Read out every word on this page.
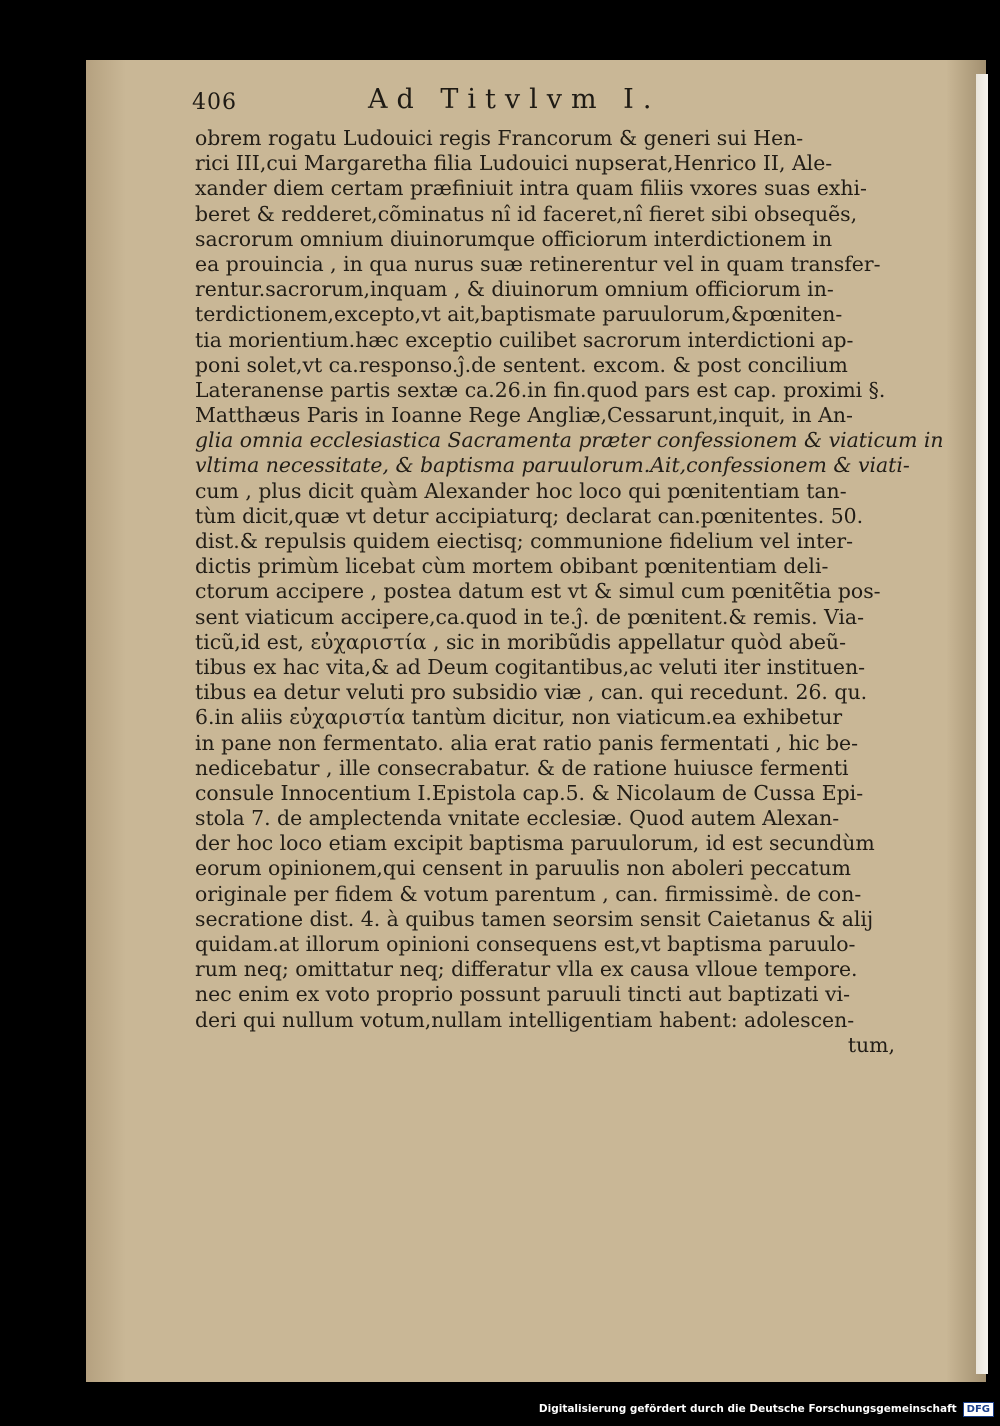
406	Ad Titvlvm I.
obrem rogatu Ludouici regis Francorum & generi sui Hen-
rici III,cui Margaretha filia Ludouici nupserat,Henrico II, Ale-
xander diem certam præfiniuit intra quam filiis vxores suas exhi-
beret & redderet,cõminatus nî id faceret,nî fieret sibi obsequẽs,
sacrorum omnium diuinorumque officiorum interdictionem in
ea prouincia , in qua nurus suæ retinerentur vel in quam transfer-
rentur.sacrorum,inquam , & diuinorum omnium officiorum in-
terdictionem,excepto,vt ait,baptismate paruulorum,&pœniten-
tia morientium.hæc exceptio cuilibet sacrorum interdictioni ap-
poni solet,vt ca.responso.ĵ.de sentent. excom. & post concilium
Lateranense partis sextæ ca.26.in fin.quod pars est cap. proximi §.
Matthæus Paris in Ioanne Rege Angliæ,Cessarunt,inquit, in An-
glia omnia ecclesiastica Sacramenta præter confessionem & viaticum in
vltima necessitate, & baptisma paruulorum.Ait,confessionem & viati-
cum , plus dicit quàm Alexander hoc loco qui pœnitentiam tan-
tùm dicit,quæ vt detur accipiaturq; declarat can.pœnitentes. 50.
dist.& repulsis quidem eiectisq; communione fidelium vel inter-
dictis primùm licebat cùm mortem obibant pœnitentiam deli-
ctorum accipere , postea datum est vt & simul cum pœnitẽtia pos-
sent viaticum accipere,ca.quod in te.ĵ. de pœnitent.& remis. Via-
ticũ,id est, εὐχαριστία , sic in moribũdis appellatur quòd abeũ-
tibus ex hac vita,& ad Deum cogitantibus,ac veluti iter instituen-
tibus ea detur veluti pro subsidio viæ , can. qui recedunt. 26. qu.
6.in aliis εὐχαριστία tantùm dicitur, non viaticum.ea exhibetur
in pane non fermentato. alia erat ratio panis fermentati , hic be-
nedicebatur , ille consecrabatur. & de ratione huiusce fermenti
consule Innocentium I.Epistola cap.5. & Nicolaum de Cussa Epi-
stola 7. de amplectenda vnitate ecclesiæ. Quod autem Alexan-
der hoc loco etiam excipit baptisma paruulorum, id est secundùm
eorum opinionem,qui censent in paruulis non aboleri peccatum
originale per fidem & votum parentum , can. firmissimè. de con-
secratione dist. 4. à quibus tamen seorsim sensit Caietanus & alij
quidam.at illorum opinioni consequens est,vt baptisma paruulo-
rum neq; omittatur neq; differatur vlla ex causa vlloue tempore.
nec enim ex voto proprio possunt paruuli tincti aut baptizati vi-
deri qui nullum votum,nullam intelligentiam habent: adolescen-
tum,
Digitalisierung gefördert durch die Deutsche Forschungsgemeinschaft	DFG
